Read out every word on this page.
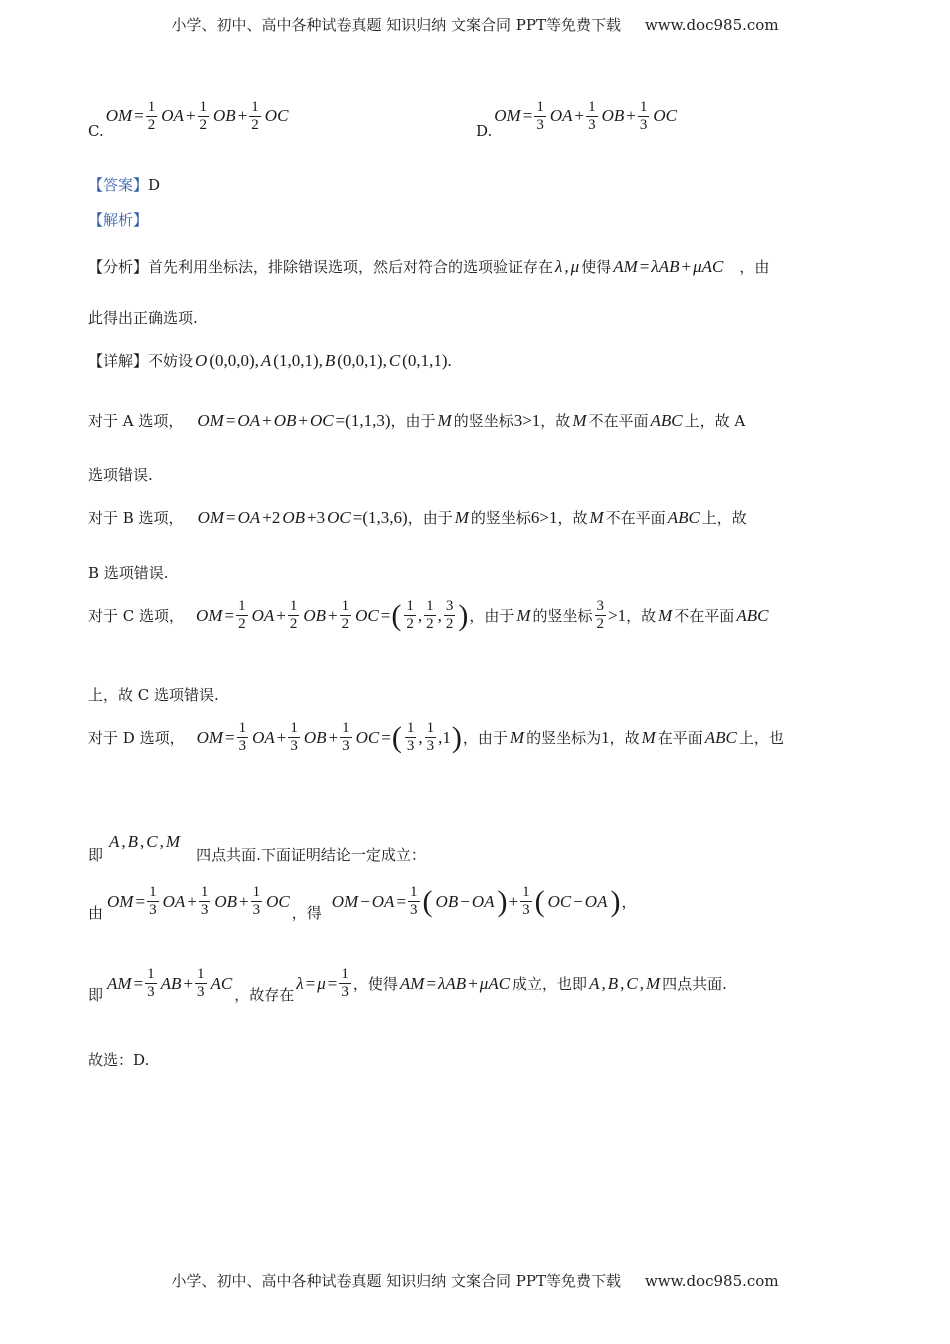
小学、初中、高中各种试卷真题 知识归纳 文案合同 PPT等免费下载 www.doc985.com
C.
OM = $\frac{1}{2}$ OA + $\frac{1}{2}$ OB + $\frac{1}{2}$ OC
D.
OM = $\frac{1}{3}$ OA + $\frac{1}{3}$ OB + $\frac{1}{3}$ OC
【答案】 D
【解析】
【分析】 首先利用坐标法，排除错误选项，然后对符合的选项验证存在 λ , μ 使得 AM = λAB + μAC ，由
此得出正确选项.
【详解】 不妨设 O (0,0,0), A (1,0,1), B (0,0,1), C (0,1,1).
对于 A 选项， OM = OA + OB + OC =(1,1,3) ，由于 M 的竖坐标 3>1 ，故 M 不在平面 ABC 上，故 A
选项错误.
对于 B 选项， OM = OA +2 OB +3 OC =(1,3,6) ，由于 M 的竖坐标 6>1 ，故 M 不在平面 ABC 上，故
B 选项错误.
对于 C 选项， OM = $\frac{1}{2}$ OA + $\frac{1}{2}$ OB + $\frac{1}{2}$ OC = ( $\frac{1}{2}$ , $\frac{1}{2}$ , $\frac{3}{2}$ ) ，由于 M 的竖坐标 $\frac{3}{2} >1$ ，故 M 不在平面 ABC
上，故 C 选项错误.
对于 D 选项， OM = $\frac{1}{3}$ OA + $\frac{1}{3}$ OB + $\frac{1}{3}$ OC = ( $\frac{1}{3}$ , $\frac{1}{3} ,1$ ) ，由于 M 的竖坐标为 1 ，故 M 在平面 ABC 上，也
即
A , B , C , M
四点共面.下面证明结论一定成立：
由
OM = $\frac{1}{3}$ OA + $\frac{1}{3}$ OB + $\frac{1}{3}$ OC
，得
OM − OA = $\frac{1}{3}$ ( OB − OA ) + $\frac{1}{3}$ ( OC − OA ) ，
即
AM = $\frac{1}{3}$ AB + $\frac{1}{3}$ AC
，故存在
$\lambda = \mu = \frac{1}{3}$ ，使得 AM = λAB + μAC 成立，也即 A , B , C , M 四点共面.
故选：D.
小学、初中、高中各种试卷真题 知识归纳 文案合同 PPT等免费下载 www.doc985.com
